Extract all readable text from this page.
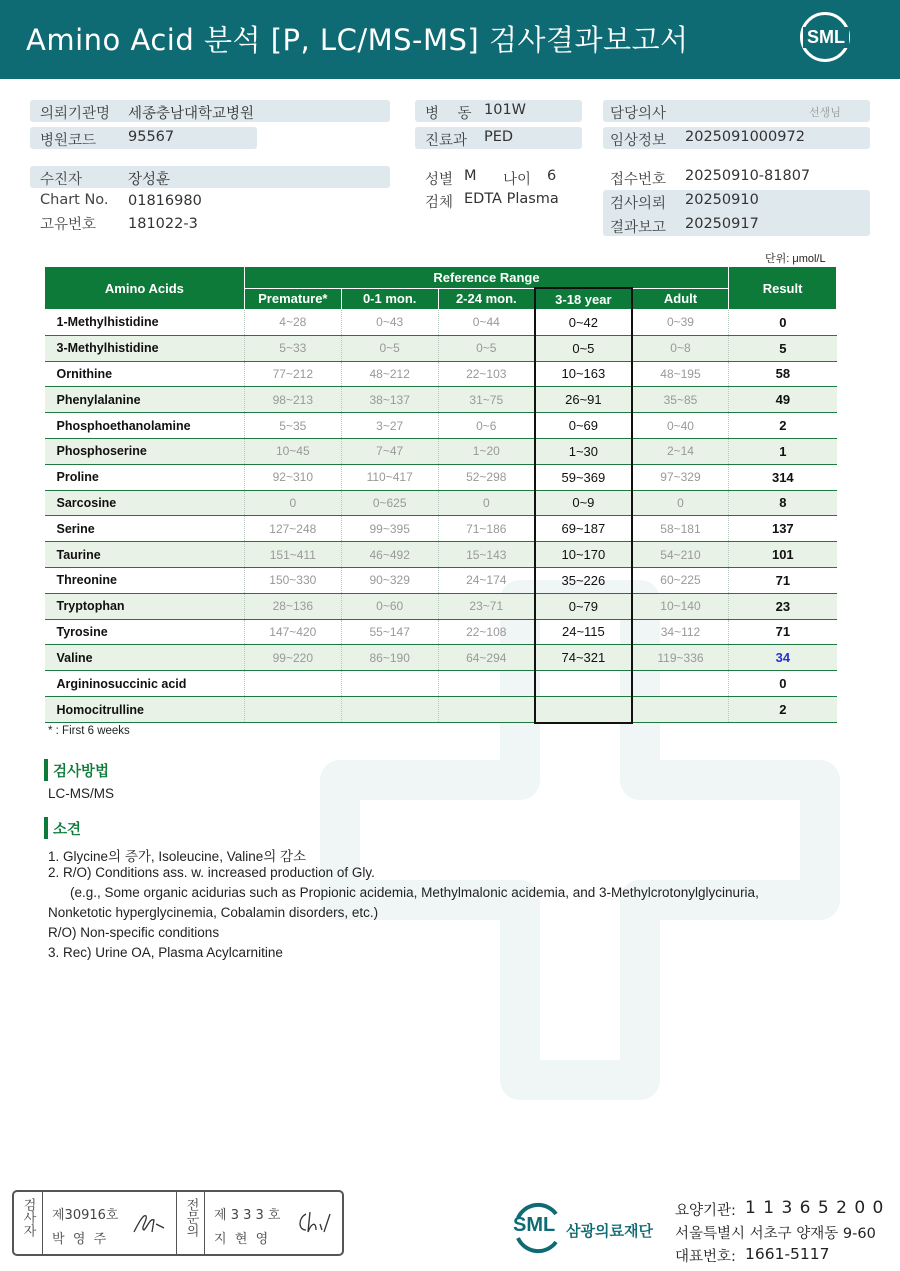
Amino Acid 분석 [P, LC/MS-MS] 검사결과보고서	SML
의뢰기관명 세종충남대학교병원
병원코드 95567
병    동 101W
진료과 PED
담당의사	선생님
임상정보 2025091000972
수진자	장성훈
Chart No. 01816980
고유번호 181022-3
성별 M 나이 6
검체 EDTA Plasma
접수번호 20250910-81807
검사의뢰 20250910
결과보고 20250917
단위: μmol/L
Amino Acids	Reference Range					Result
	Premature*	0-1 mon.	2-24 mon.	3-18 year	Adult	
1-Methylhistidine	4~28	0~43	0~44	0~42	0~39	0
3-Methylhistidine	5~33	0~5	0~5	0~5	0~8	5
Ornithine	77~212	48~212	22~103	10~163	48~195	58
Phenylalanine	98~213	38~137	31~75	26~91	35~85	49
Phosphoethanolamine	5~35	3~27	0~6	0~69	0~40	2
Phosphoserine	10~45	7~47	1~20	1~30	2~14	1
Proline	92~310	110~417	52~298	59~369	97~329	314
Sarcosine	0	0~625	0	0~9	0	8
Serine	127~248	99~395	71~186	69~187	58~181	137
Taurine	151~411	46~492	15~143	10~170	54~210	101
Threonine	150~330	90~329	24~174	35~226	60~225	71
Tryptophan	28~136	0~60	23~71	0~79	10~140	23
Tyrosine	147~420	55~147	22~108	24~115	34~112	71
Valine	99~220	86~190	64~294	74~321	119~336	34
Argininosuccinic acid						0
Homocitrulline						2
* : First 6 weeks
검사방법
LC-MS/MS
소견
1. Glycine의 증가, Isoleucine, Valine의 감소
2. R/O) Conditions ass. w. increased production of Gly.
(e.g., Some organic acidurias such as Propionic acidemia, Methylmalonic acidemia, and 3-Methylcrotonylglycinuria,
Nonketotic hyperglycinemia, Cobalamin disorders, etc.)
R/O) Non-specific conditions
3. Rec) Urine OA, Plasma Acylcarnitine
검사자 제30916호
박  영  주
전문의 제 3 3 3 호
지  현  영
SML 삼광의료재단
요양기관: 1 1 3 6 5 2 0 0
서울특별시 서초구 양재동 9-60
대표번호: 1661-5117
